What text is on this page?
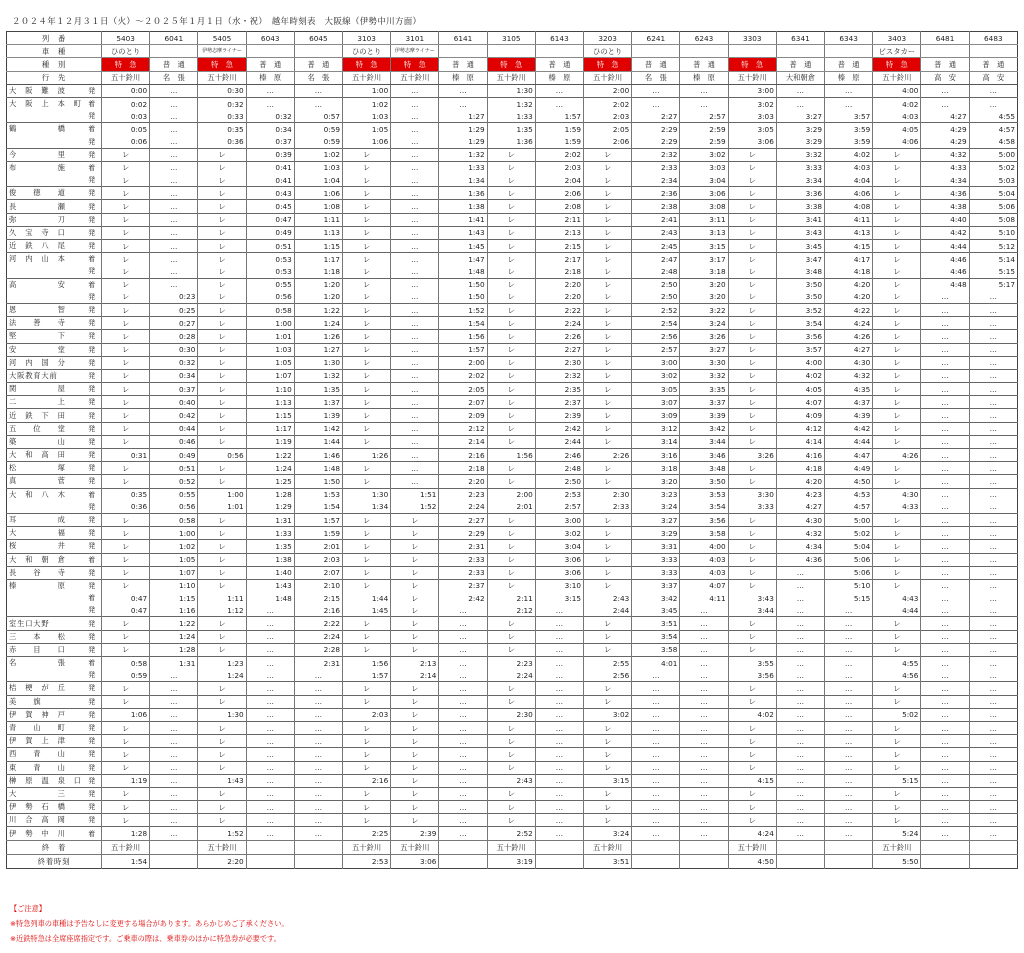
２０２４年１２月３１日（火）～２０２５年１月１日（水・祝）　越年時刻表　大阪線（伊勢中川方面）
列　番	5403	6041	5405	6043	6045	3103	3101	6141	3105	6143	3203	6241	6243	3303	6341	6343	3403	6481	6483
車　種	ひのとり		伊勢志摩ライナー			ひのとり	伊勢志摩ライナー				ひのとり						ビスタカー		
種　別	特　急	普　通	特　急	普　通	普　通	特　急	特　急	普　通	特　急	普　通	特　急	普　通	普　通	特　急	普　通	普　通	特　急	普　通	普　通
行　先	五十鈴川	名　張	五十鈴川	榛　原	名　張	五十鈴川	五十鈴川	榛　原	五十鈴川	榛　原	五十鈴川	名　張	榛　原	五十鈴川	大和朝倉	榛　原	五十鈴川	高　安	高　安
大　阪　難　波 発	0:00	…	0:30	…	…	1:00	…	…	1:30	…	2:00	…	…	3:00	…	…	4:00	…	…
大　阪　上　本　町 着	0:02	…	0:32	…	…	1:02	…	…	1:32	…	2:02	…	…	3:02	…	…	4:02	…	…
発	0:03	…	0:33	0:32	0:57	1:03	…	1:27	1:33	1:57	2:03	2:27	2:57	3:03	3:27	3:57	4:03	4:27	4:55
鶴　　　　　橋 着	0:05	…	0:35	0:34	0:59	1:05	…	1:29	1:35	1:59	2:05	2:29	2:59	3:05	3:29	3:59	4:05	4:29	4:57
発	0:06	…	0:36	0:37	0:59	1:06	…	1:29	1:36	1:59	2:06	2:29	2:59	3:06	3:29	3:59	4:06	4:29	4:58
今　　　　　里 発	レ	…	レ	0:39	1:02	レ	…	1:32	レ	2:02	レ	2:32	3:02	レ	3:32	4:02	レ	4:32	5:00
布　　　　　施 着	レ	…	レ	0:41	1:03	レ	…	1:33	レ	2:03	レ	2:33	3:03	レ	3:33	4:03	レ	4:33	5:02
発	レ	…	レ	0:41	1:04	レ	…	1:34	レ	2:04	レ	2:34	3:04	レ	3:34	4:04	レ	4:34	5:03
俊　　徳　　道 発	レ	…	レ	0:43	1:06	レ	…	1:36	レ	2:06	レ	2:36	3:06	レ	3:36	4:06	レ	4:36	5:04
長　　　　　瀬 発	レ	…	レ	0:45	1:08	レ	…	1:38	レ	2:08	レ	2:38	3:08	レ	3:38	4:08	レ	4:38	5:06
弥　　　　　刀 発	レ	…	レ	0:47	1:11	レ	…	1:41	レ	2:11	レ	2:41	3:11	レ	3:41	4:11	レ	4:40	5:08
久　宝　寺　口 発	レ	…	レ	0:49	1:13	レ	…	1:43	レ	2:13	レ	2:43	3:13	レ	3:43	4:13	レ	4:42	5:10
近　鉄　八　尾 発	レ	…	レ	0:51	1:15	レ	…	1:45	レ	2:15	レ	2:45	3:15	レ	3:45	4:15	レ	4:44	5:12
河　内　山　本 着	レ	…	レ	0:53	1:17	レ	…	1:47	レ	2:17	レ	2:47	3:17	レ	3:47	4:17	レ	4:46	5:14
発	レ	…	レ	0:53	1:18	レ	…	1:48	レ	2:18	レ	2:48	3:18	レ	3:48	4:18	レ	4:46	5:15
高　　　　　安 着	レ	…	レ	0:55	1:20	レ	…	1:50	レ	2:20	レ	2:50	3:20	レ	3:50	4:20	レ	4:48	5:17
発	レ	0:23	レ	0:56	1:20	レ	…	1:50	レ	2:20	レ	2:50	3:20	レ	3:50	4:20	レ	…	…
恩　　　　　智 発	レ	0:25	レ	0:58	1:22	レ	…	1:52	レ	2:22	レ	2:52	3:22	レ	3:52	4:22	レ	…	…
法　　善　　寺 発	レ	0:27	レ	1:00	1:24	レ	…	1:54	レ	2:24	レ	2:54	3:24	レ	3:54	4:24	レ	…	…
堅　　　　　下 発	レ	0:28	レ	1:01	1:26	レ	…	1:56	レ	2:26	レ	2:56	3:26	レ	3:56	4:26	レ	…	…
安　　　　　堂 発	レ	0:30	レ	1:03	1:27	レ	…	1:57	レ	2:27	レ	2:57	3:27	レ	3:57	4:27	レ	…	…
河　内　国　分 発	レ	0:32	レ	1:05	1:30	レ	…	2:00	レ	2:30	レ	3:00	3:30	レ	4:00	4:30	レ	…	…
大阪教育大前 発	レ	0:34	レ	1:07	1:32	レ	…	2:02	レ	2:32	レ	3:02	3:32	レ	4:02	4:32	レ	…	…
関　　　　　屋 発	レ	0:37	レ	1:10	1:35	レ	…	2:05	レ	2:35	レ	3:05	3:35	レ	4:05	4:35	レ	…	…
二　　　　　上 発	レ	0:40	レ	1:13	1:37	レ	…	2:07	レ	2:37	レ	3:07	3:37	レ	4:07	4:37	レ	…	…
近　鉄　下　田 発	レ	0:42	レ	1:15	1:39	レ	…	2:09	レ	2:39	レ	3:09	3:39	レ	4:09	4:39	レ	…	…
五　　位　　堂 発	レ	0:44	レ	1:17	1:42	レ	…	2:12	レ	2:42	レ	3:12	3:42	レ	4:12	4:42	レ	…	…
築　　　　　山 発	レ	0:46	レ	1:19	1:44	レ	…	2:14	レ	2:44	レ	3:14	3:44	レ	4:14	4:44	レ	…	…
大　和　高　田 発	0:31	0:49	0:56	1:22	1:46	1:26	…	2:16	1:56	2:46	2:26	3:16	3:46	3:26	4:16	4:47	4:26	…	…
松　　　　　塚 発	レ	0:51	レ	1:24	1:48	レ	…	2:18	レ	2:48	レ	3:18	3:48	レ	4:18	4:49	レ	…	…
真　　　　　菅 発	レ	0:52	レ	1:25	1:50	レ	…	2:20	レ	2:50	レ	3:20	3:50	レ	4:20	4:50	レ	…	…
大　和　八　木 着	0:35	0:55	1:00	1:28	1:53	1:30	1:51	2:23	2:00	2:53	2:30	3:23	3:53	3:30	4:23	4:53	4:30	…	…
発	0:36	0:56	1:01	1:29	1:54	1:34	1:52	2:24	2:01	2:57	2:33	3:24	3:54	3:33	4:27	4:57	4:33	…	…
耳　　　　　成 発	レ	0:58	レ	1:31	1:57	レ	レ	2:27	レ	3:00	レ	3:27	3:56	レ	4:30	5:00	レ	…	…
大　　　　　福 発	レ	1:00	レ	1:33	1:59	レ	レ	2:29	レ	3:02	レ	3:29	3:58	レ	4:32	5:02	レ	…	…
桜　　　　　井 発	レ	1:02	レ	1:35	2:01	レ	レ	2:31	レ	3:04	レ	3:31	4:00	レ	4:34	5:04	レ	…	…
大　和　朝　倉 着	レ	1:05	レ	1:38	2:03	レ	レ	2:33	レ	3:06	レ	3:33	4:03	レ	4:36	5:06	レ	…	…
長　　谷　　寺 発	レ	1:07	レ	1:40	2:07	レ	レ	2:33	レ	3:06	レ	3:33	4:03	レ	…	5:06	レ	…	…
榛　　　　　原 発	レ	1:10	レ	1:43	2:10	レ	レ	2:37	レ	3:10	レ	3:37	4:07	レ	…	5:10	レ	…	…
着	0:47	1:15	1:11	1:48	2:15	1:44	レ	2:42	2:11	3:15	2:43	3:42	4:11	3:43	…	5:15	4:43	…	…
発	0:47	1:16	1:12	…	2:16	1:45	レ	…	2:12	…	2:44	3:45	…	3:44	…	…	4:44	…	…
室生口大野 発	レ	1:22	レ	…	2:22	レ	レ	…	レ	…	レ	3:51	…	レ	…	…	レ	…	…
三　　本　　松 発	レ	1:24	レ	…	2:24	レ	レ	…	レ	…	レ	3:54	…	レ	…	…	レ	…	…
赤　　目　　口 発	レ	1:28	レ	…	2:28	レ	レ	…	レ	…	レ	3:58	…	レ	…	…	レ	…	…
名　　　　　張 着	0:58	1:31	1:23	…	2:31	1:56	2:13	…	2:23	…	2:55	4:01	…	3:55	…	…	4:55	…	…
発	0:59	…	1:24	…	…	1:57	2:14	…	2:24	…	2:56	…	…	3:56	…	…	4:56	…	…
桔　梗　が　丘 発	レ	…	レ	…	…	レ	レ	…	レ	…	レ	…	…	レ	…	…	レ	…	…
美　　旗 発	レ	…	レ	…	…	レ	レ	…	レ	…	レ	…	…	レ	…	…	レ	…	…
伊　賀　神　戸 発	1:06	…	1:30	…	…	2:03	レ	…	2:30	…	3:02	…	…	4:02	…	…	5:02	…	…
青　　山　　町 発	レ	…	レ	…	…	レ	レ	…	レ	…	レ	…	…	レ	…	…	レ	…	…
伊　賀　上　津 発	レ	…	レ	…	…	レ	レ	…	レ	…	レ	…	…	レ	…	…	レ	…	…
西　　青　　山 発	レ	…	レ	…	…	レ	レ	…	レ	…	レ	…	…	レ	…	…	レ	…	…
東　　青　　山 発	レ	…	レ	…	…	レ	レ	…	レ	…	レ	…	…	レ	…	…	レ	…	…
榊　原　温　泉　口 発	1:19	…	1:43	…	…	2:16	レ	…	2:43	…	3:15	…	…	4:15	…	…	5:15	…	…
大　　　　　三 発	レ	…	レ	…	…	レ	レ	…	レ	…	レ	…	…	レ	…	…	レ	…	…
伊　勢　石　橋 発	レ	…	レ	…	…	レ	レ	…	レ	…	レ	…	…	レ	…	…	レ	…	…
川　合　高　岡 発	レ	…	レ	…	…	レ	レ	…	レ	…	レ	…	…	レ	…	…	レ	…	…
伊　勢　中　川 着	1:28	…	1:52	…	…	2:25	2:39	…	2:52	…	3:24	…	…	4:24	…	…	5:24	…	…
終　着	五十鈴川		五十鈴川			五十鈴川	五十鈴川		五十鈴川		五十鈴川			五十鈴川			五十鈴川		
終着時刻	1:54		2:20			2:53	3:06		3:19		3:51			4:50			5:50		
【ご注意】
※特急列車の車種は予告なしに変更する場合があります。あらかじめご了承ください。
※近鉄特急は全席座席指定です。ご乗車の際は、乗車券のほかに特急券が必要です。
